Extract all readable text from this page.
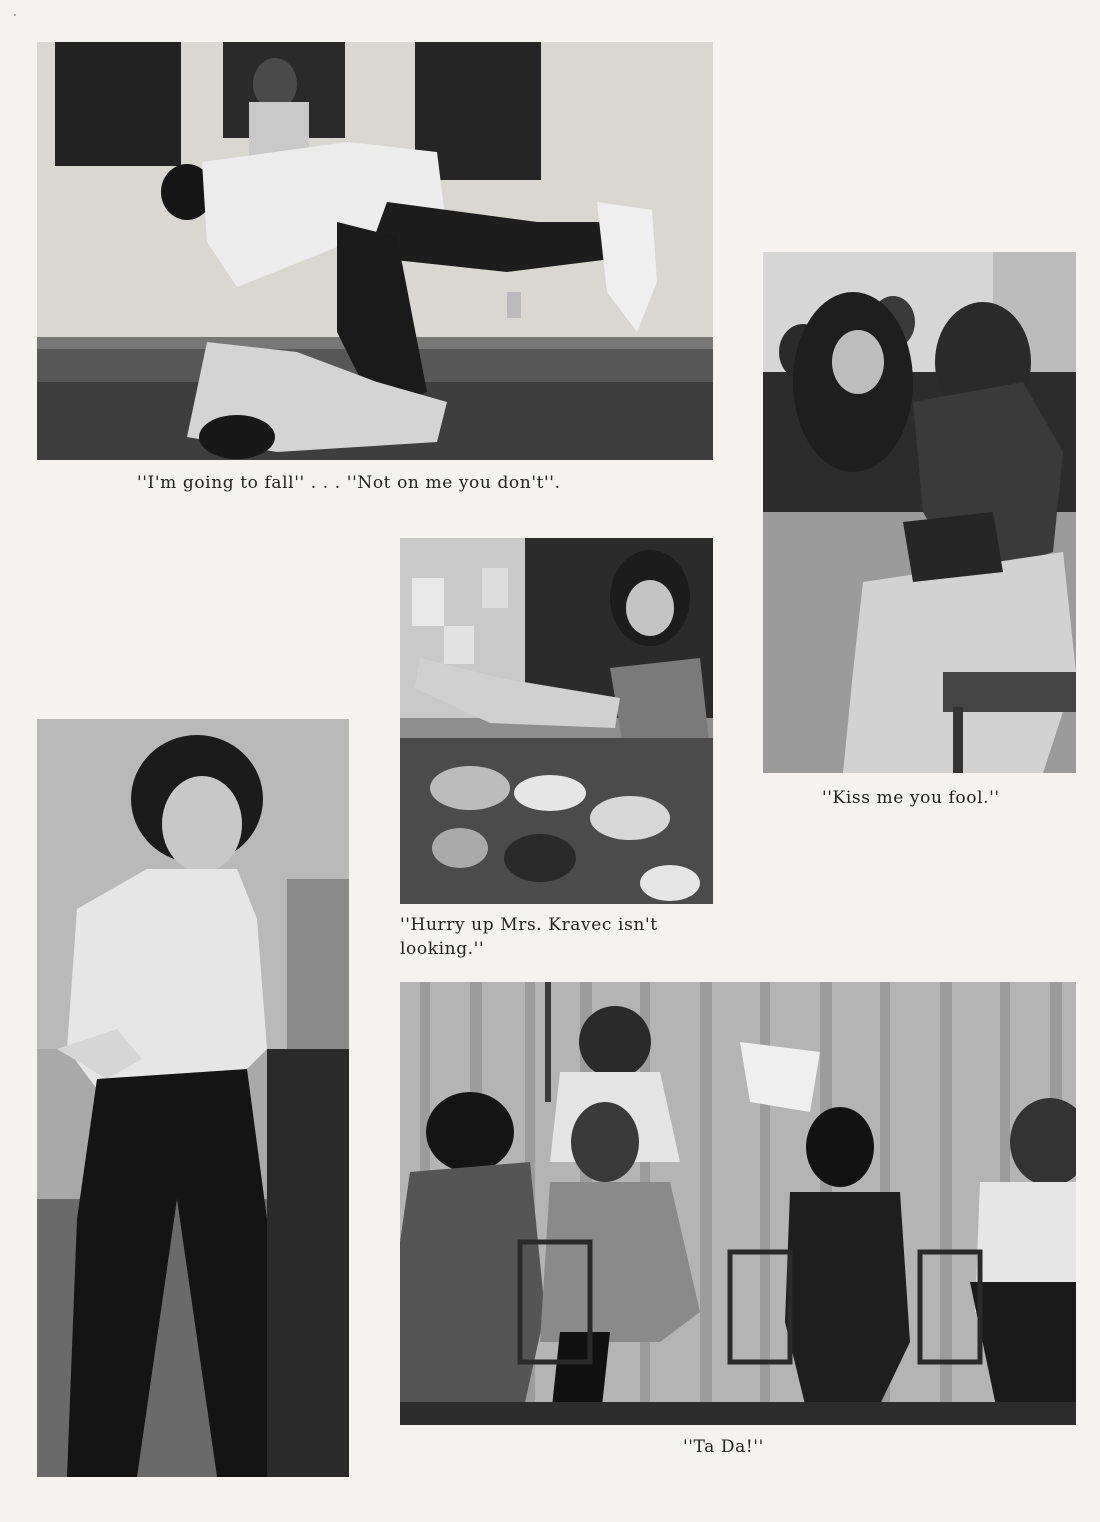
''I'm going to fall'' . . . ''Not on me you don't''.
''Kiss me you fool.''
''Hurry up Mrs. Kravec isn't
looking.''
''Ta Da!''
